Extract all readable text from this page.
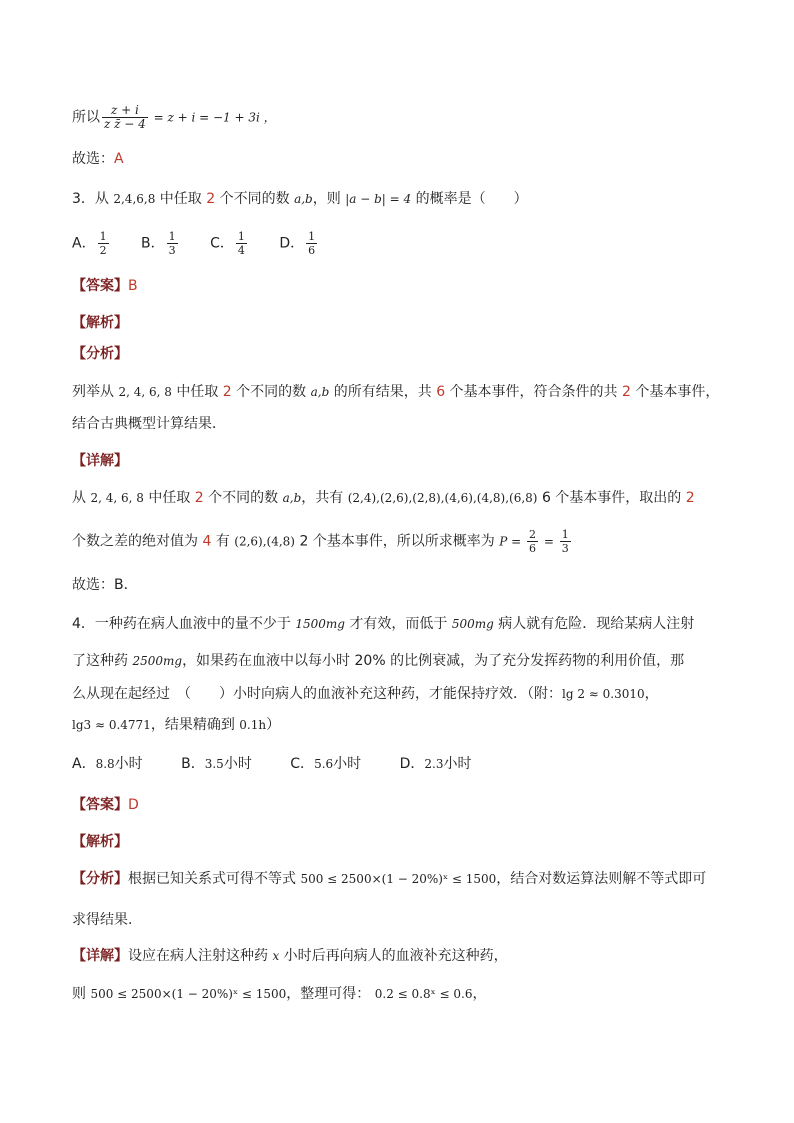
所以 $\frac{z + i}{\text{z z̄ − 4}} = z + i = -1 + 3i$ ，
故选：A
3．从 2,4,6,8 中任取 2 个不同的数 a,b，则 |a − b| = 4 的概率是（　　）
A． $\frac{1}{2}$ B． $\frac{1}{3}$ C． $\frac{1}{4}$ D． $\frac{1}{6}$
【答案】B
【解析】
【分析】
列举从 2, 4, 6, 8 中任取 2 个不同的数 a,b 的所有结果，共 6 个基本事件，符合条件的共 2 个基本事件，
结合古典概型计算结果．
【详解】
从 2, 4, 6, 8 中任取 2 个不同的数 a,b，共有 (2,4),(2,6),(2,8),(4,6),(4,8),(6,8) 6 个基本事件，取出的 2
个数之差的绝对值为 4 有 (2,6),(4,8) 2 个基本事件，所以所求概率为 $P = \frac{2}{6} = \frac{1}{3}$
故选：B．
4．一种药在病人血液中的量不少于 1500mg 才有效，而低于 500mg 病人就有危险．现给某病人注射
了这种药 2500mg，如果药在血液中以每小时 20% 的比例衰减，为了充分发挥药物的利用价值，那
么从现在起经过　（　　）小时向病人的血液补充这种药，才能保持疗效．（附：lg 2 ≈ 0.3010，
lg3 ≈ 0.4771，结果精确到 0.1h）
A．8.8小时	B．3.5小时	C．5.6小时	D．2.3小时
【答案】D
【解析】
【分析】根据已知关系式可得不等式 500 ≤ 2500×(1 − 20%)ˣ ≤ 1500，结合对数运算法则解不等式即可
求得结果.
【详解】设应在病人注射这种药 x 小时后再向病人的血液补充这种药，
则 500 ≤ 2500×(1 − 20%)ˣ ≤ 1500，整理可得： 0.2 ≤ 0.8ˣ ≤ 0.6，
